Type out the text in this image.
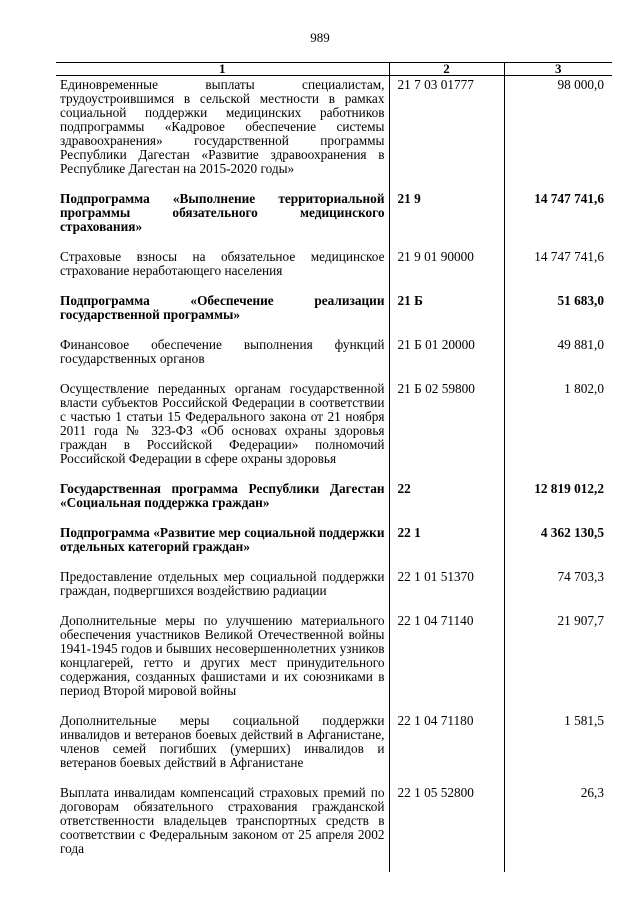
989
1	2	3
Единовременные выплаты специалистам, трудоустроившимся в сельской местности в рамках социальной поддержки медицинских работников подпрограммы «Кадровое обеспечение системы здравоохранения» государственной программы Республики Дагестан «Развитие здравоохранения в Республике Дагестан на 2015-2020 годы»	21 7 03 01777	98 000,0
Подпрограмма «Выполнение территориальной программы обязательного медицинского страхования»	21 9	14 747 741,6
Страховые взносы на обязательное медицинское страхование неработающего населения	21 9 01 90000	14 747 741,6
Подпрограмма «Обеспечение реализации государственной программы»	21 Б	51 683,0
Финансовое обеспечение выполнения функций государственных органов	21 Б 01 20000	49 881,0
Осуществление переданных органам государственной власти субъектов Российской Федерации в соответствии с частью 1 статьи 15 Федерального закона от 21 ноября 2011 года № 323-ФЗ «Об основах охраны здоровья граждан в Российской Федерации» полномочий Российской Федерации в сфере охраны здоровья	21 Б 02 59800	1 802,0
Государственная программа Республики Дагестан «Социальная поддержка граждан»	22	12 819 012,2
Подпрограмма «Развитие мер социальной поддержки отдельных категорий граждан»	22 1	4 362 130,5
Предоставление отдельных мер социальной поддержки граждан, подвергшихся воздействию радиации	22 1 01 51370	74 703,3
Дополнительные меры по улучшению материального обеспечения участников Великой Отечественной войны 1941-1945 годов и бывших несовершеннолетних узников концлагерей, гетто и других мест принудительного содержания, созданных фашистами и их союзниками в период Второй мировой войны	22 1 04 71140	21 907,7
Дополнительные меры социальной поддержки инвалидов и ветеранов боевых действий в Афганистане, членов семей погибших (умерших) инвалидов и ветеранов боевых действий в Афганистане	22 1 04 71180	1 581,5
Выплата инвалидам компенсаций страховых премий по договорам обязательного страхования гражданской ответственности владельцев транспортных средств в соответствии с Федеральным законом от 25 апреля 2002 года	22 1 05 52800	26,3
